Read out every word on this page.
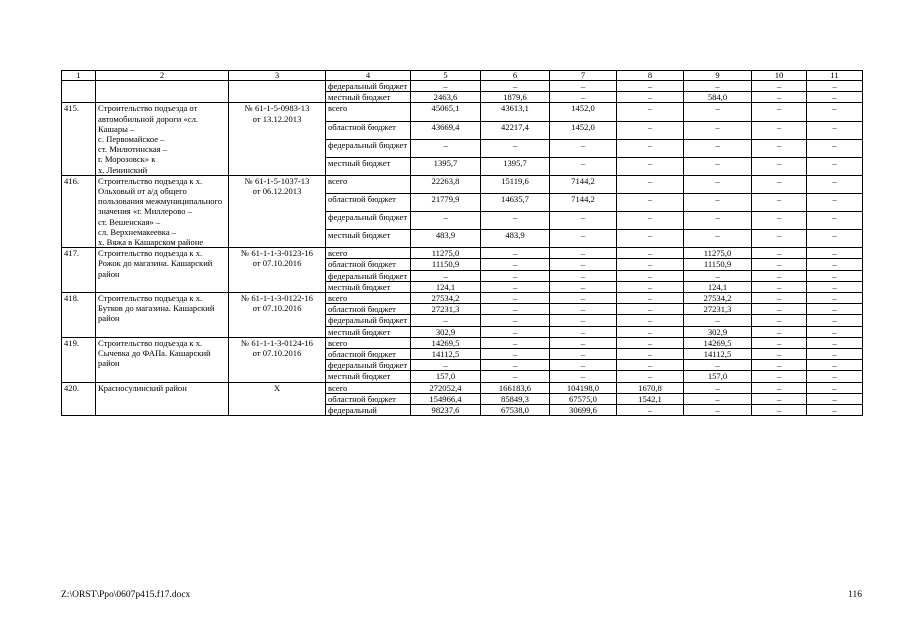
1	2	3	4	5	6	7	8	9	10	11
			федеральный бюджет	–	–	–	–	–	–	–
			местный бюджет	2463,6	1879,6	–	–	584,0	–	–
415.	Строительство подъезда от автомобильной дороги «сл. Кашары –
с. Первомайское –
ст. Милютинская –
г. Морозовск» к
х. Ленинский	№ 61-1-5-0983-13
от 13.12.2013	всего	45065,1	43613,1	1452,0	–	–	–	–
			областной бюджет	43669,4	42217,4	1452,0	–	–	–	–
			федеральный бюджет	–	–	–	–	–	–	–
			местный бюджет	1395,7	1395,7	–	–	–	–	–
416.	Строительство подъезда к х. Ольховый от а/д общего пользования межмуниципального значения «г. Миллерово –
ст. Вешенская» –
сл. Верхнемакеевка –
х. Вяжа в Кашарском районе	№ 61-1-5-1037-13
от 06.12.2013	всего	22263,8	15119,6	7144,2	–	–	–	–
			областной бюджет	21779,9	14635,7	7144,2	–	–	–	–
			федеральный бюджет	–	–	–	–	–	–	–
			местный бюджет	483,9	483,9	–	–	–	–	–
417.	Строительство подъезда к х. Рожок до магазина. Кашарский район	№ 61-1-1-3-0123-16
от 07.10.2016	всего	11275,0	–	–	–	11275,0	–	–
			областной бюджет	11150,9	–	–	–	11150,9	–	–
			федеральный бюджет	–	–	–	–	–	–	–
			местный бюджет	124,1	–	–	–	124,1	–	–
418.	Строительство подъезда к х. Бутков до магазина. Кашарский район	№ 61-1-1-3-0122-16
от 07.10.2016	всего	27534,2	–	–	–	27534,2	–	–
			областной бюджет	27231,3	–	–	–	27231,3	–	–
			федеральный бюджет	–	–	–	–	–	–	–
			местный бюджет	302,9	–	–	–	302,9	–	–
419.	Строительство подъезда к х. Сычевка до ФАПа. Кашарский район	№ 61-1-1-3-0124-16
от 07.10.2016	всего	14269,5	–	–	–	14269,5	–	–
			областной бюджет	14112,5	–	–	–	14112,5	–	–
			федеральный бюджет	–	–	–	–	–	–	–
			местный бюджет	157,0	–	–	–	157,0	–	–
420.	Красносулинский район	Х	всего	272052,4	166183,6	104198,0	1670,8	–	–	–
			областной бюджет	154966,4	85849,3	67575,0	1542,1	–	–	–
			федеральный	98237,6	67538,0	30699,6	–	–	–	–
Z:\ORST\Ppo\0607p415.f17.docx	116
